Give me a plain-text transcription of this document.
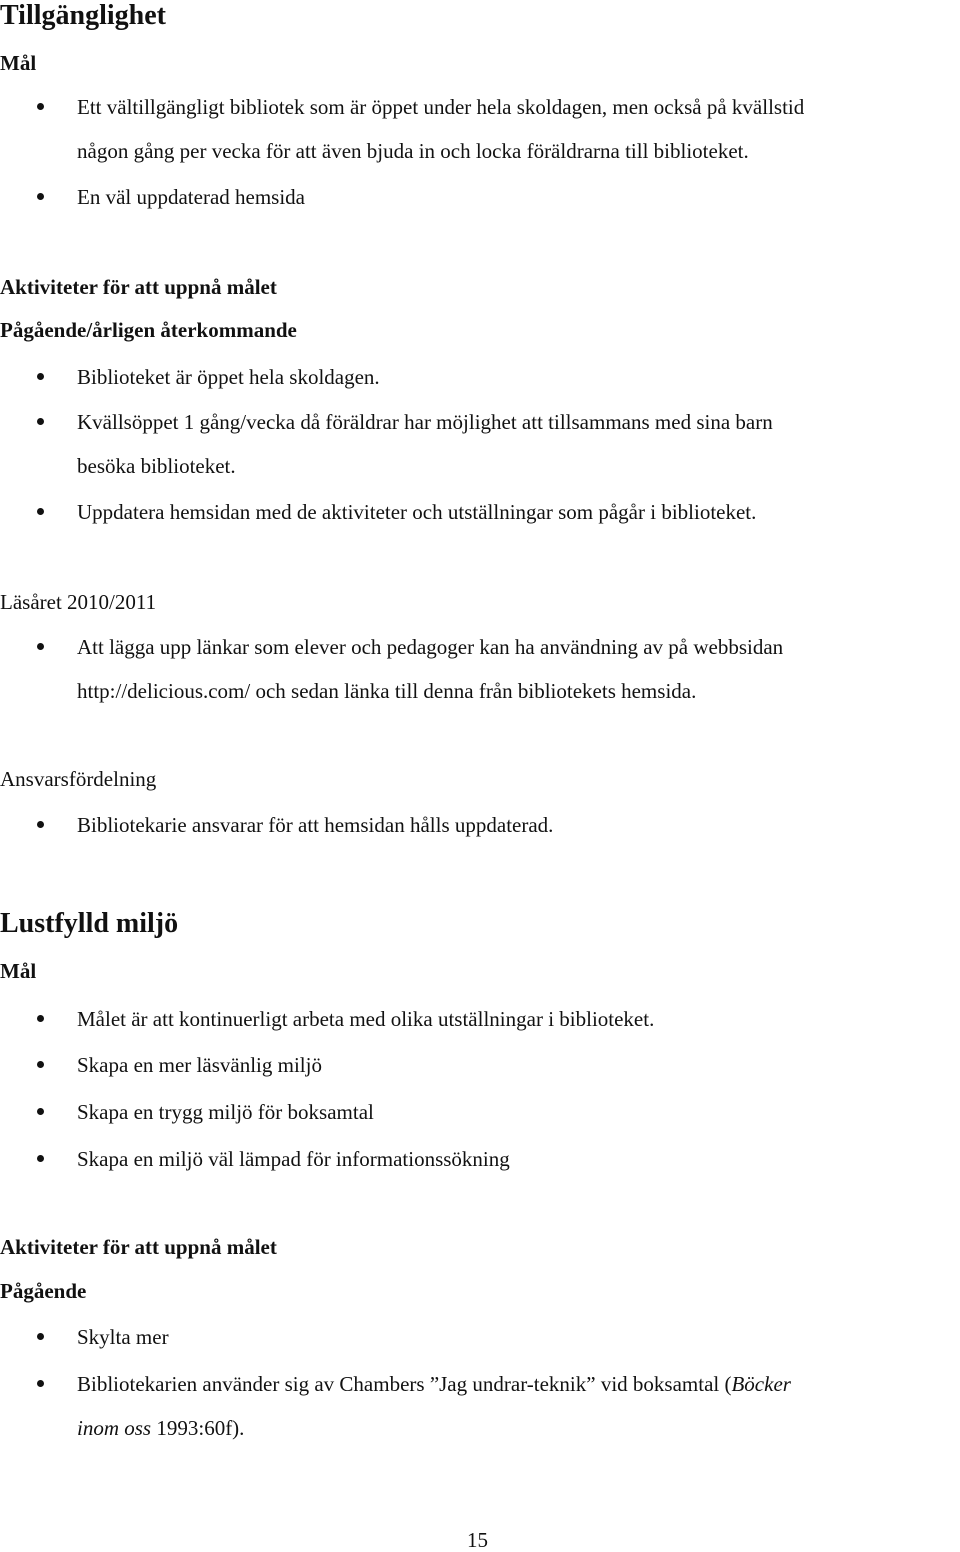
Tillgänglighet
Mål
Ett vältillgängligt bibliotek som är öppet under hela skoldagen, men också på kvällstid
någon gång per vecka för att även bjuda in och locka föräldrarna till biblioteket.
En väl uppdaterad hemsida
Aktiviteter för att uppnå målet
Pågående/årligen återkommande
Biblioteket är öppet hela skoldagen.
Kvällsöppet 1 gång/vecka då föräldrar har möjlighet att tillsammans med sina barn
besöka biblioteket.
Uppdatera hemsidan med de aktiviteter och utställningar som pågår i biblioteket.
Läsåret 2010/2011
Att lägga upp länkar som elever och pedagoger kan ha användning av på webbsidan
http://delicious.com/ och sedan länka till denna från bibliotekets hemsida.
Ansvarsfördelning
Bibliotekarie ansvarar för att hemsidan hålls uppdaterad.
Lustfylld miljö
Mål
Målet är att kontinuerligt arbeta med olika utställningar i biblioteket.
Skapa en mer läsvänlig miljö
Skapa en trygg miljö för boksamtal
Skapa en miljö väl lämpad för informationssökning
Aktiviteter för att uppnå målet
Pågående
Skylta mer
Bibliotekarien använder sig av Chambers ”Jag undrar-teknik” vid boksamtal (Böcker
inom oss 1993:60f).
15
